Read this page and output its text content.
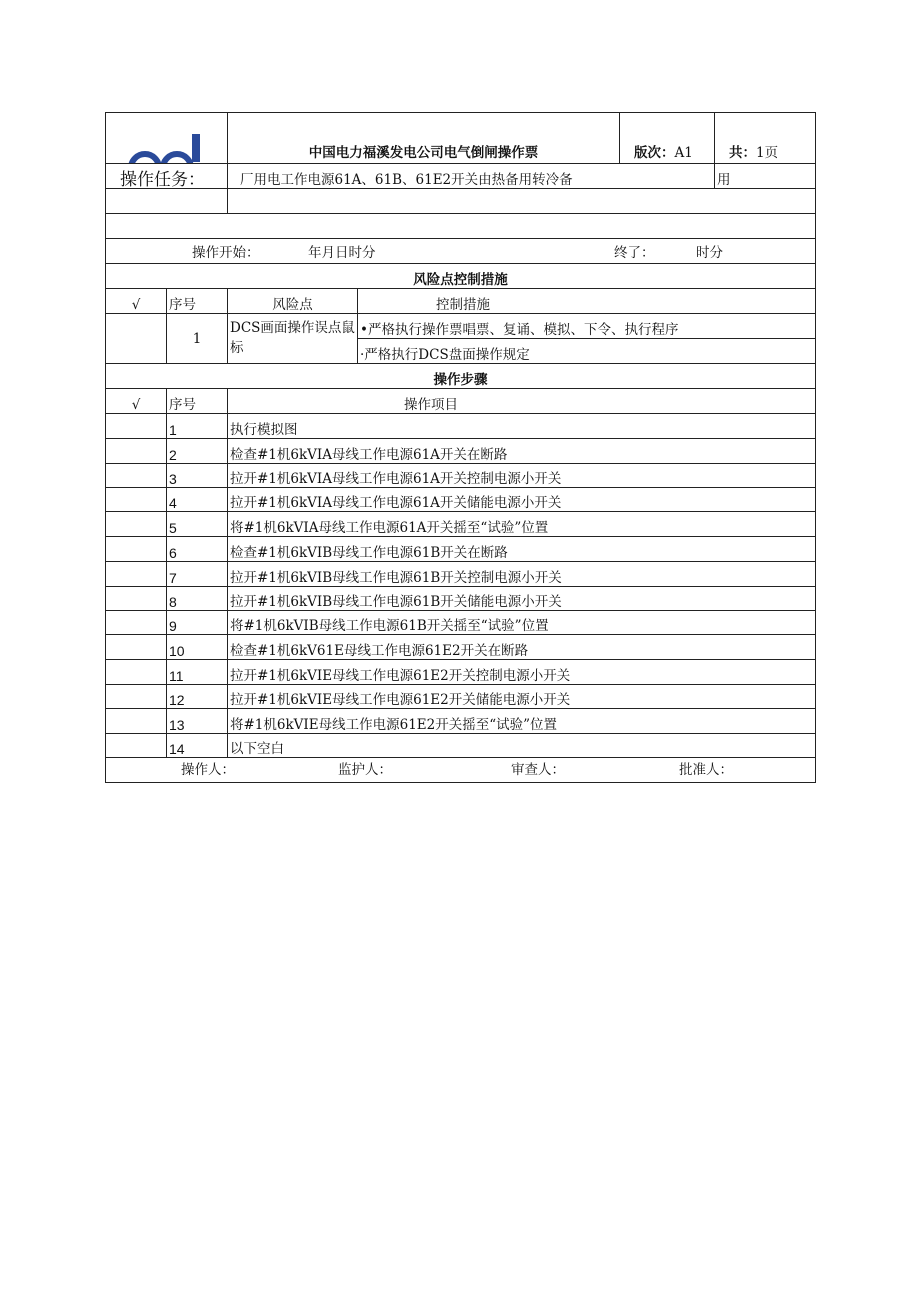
		中国电力福溪发电公司电气倒闸操作票		版次：A1	共：1页
操作任务：		厂用电工作电源61A、61B、61E2开关由热备用转冷备			用

操作开始： 年月日时分 终了： 时分					

风险点控制措施					
√	序号	风险点	控制措施		
	1	DCS画面操作误点鼠标	•严格执行操作票唱票、复诵、模拟、下令、执行程序		
			·严格执行DCS盘面操作规定		
操作步骤					
√	序号	操作项目			
	1	执行模拟图			
	2	检查#1机6kVIA母线工作电源61A开关在断路			
	3	拉开#1机6kVIA母线工作电源61A开关控制电源小开关			
	4	拉开#1机6kVIA母线工作电源61A开关储能电源小开关			
	5	将#1机6kVIA母线工作电源61A开关摇至“试验”位置			
	6	检查#1机6kVIB母线工作电源61B开关在断路			
	7	拉开#1机6kVIB母线工作电源61B开关控制电源小开关			
	8	拉开#1机6kVIB母线工作电源61B开关储能电源小开关			
	9	将#1机6kVIB母线工作电源61B开关摇至“试验”位置			
	10	检查#1机6kV61E母线工作电源61E2开关在断路			
	11	拉开#1机6kVIE母线工作电源61E2开关控制电源小开关			
	12	拉开#1机6kVIE母线工作电源61E2开关储能电源小开关			
	13	将#1机6kVIE母线工作电源61E2开关摇至“试验”位置			
	14	以下空白			

操作人： 监护人： 审查人： 批准人：					
